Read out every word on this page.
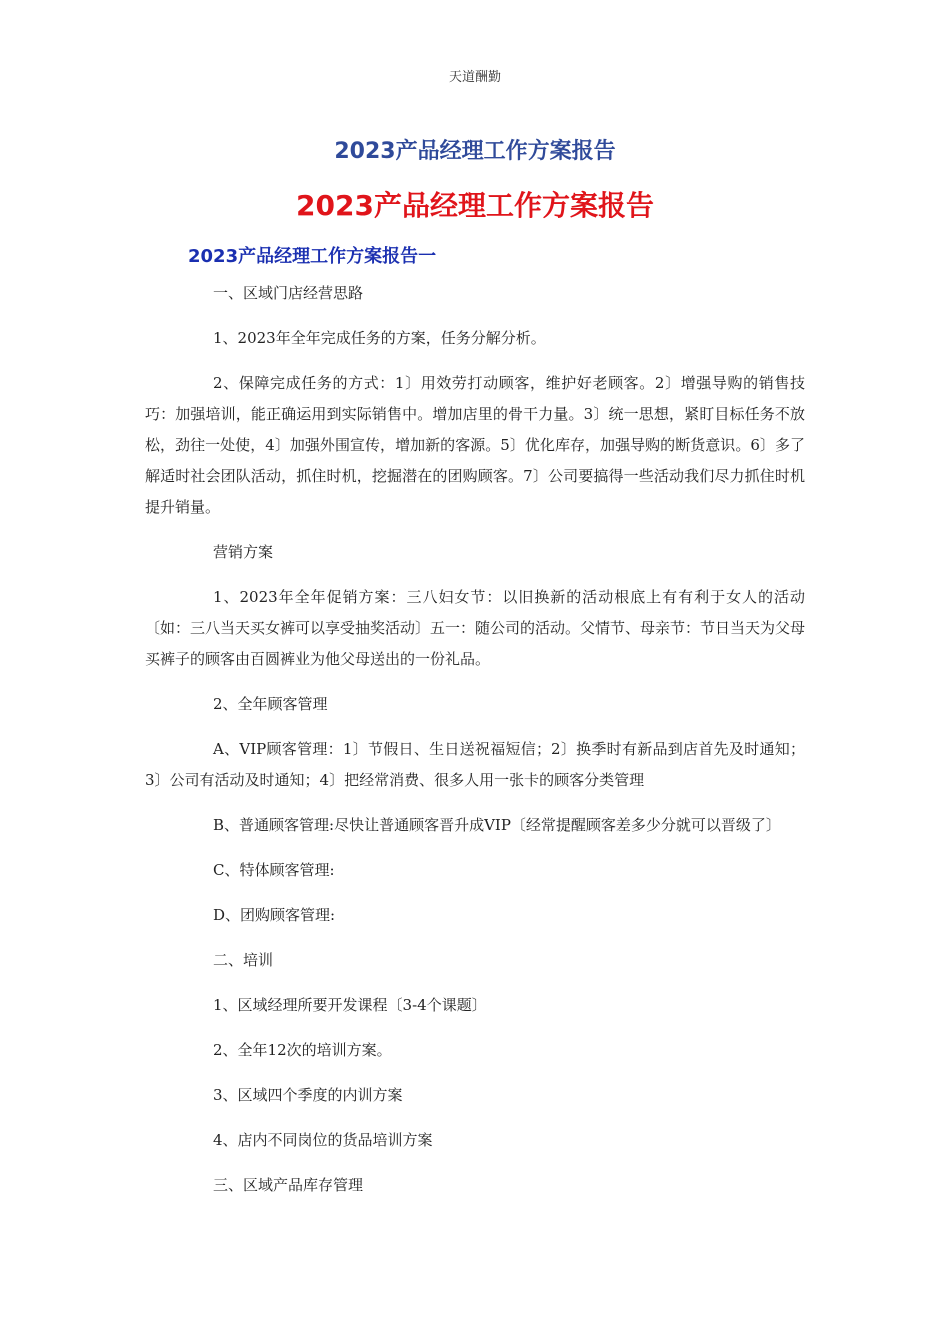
天道酬勤
2023产品经理工作方案报告
2023产品经理工作方案报告
2023产品经理工作方案报告一

一、区域门店经营思路

1、2023年全年完成任务的方案，任务分解分析。

2、保障完成任务的方式：1〕用效劳打动顾客，维护好老顾客。2〕增强导购的销售技巧：加强培训，能正确运用到实际销售中。增加店里的骨干力量。3〕统一思想，紧盯目标任务不放松，劲往一处使，4〕加强外围宣传，增加新的客源。5〕优化库存，加强导购的断货意识。6〕多了解适时社会团队活动，抓住时机，挖掘潜在的团购顾客。7〕公司要搞得一些活动我们尽力抓住时机提升销量。

营销方案

1、2023年全年促销方案：三八妇女节：以旧换新的活动根底上有有利于女人的活动〔如：三八当天买女裤可以享受抽奖活动〕五一：随公司的活动。父情节、母亲节：节日当天为父母买裤子的顾客由百圆裤业为他父母送出的一份礼品。

2、全年顾客管理

A、VIP顾客管理：1〕节假日、生日送祝福短信；2〕换季时有新品到店首先及时通知；3〕公司有活动及时通知；4〕把经常消费、很多人用一张卡的顾客分类管理

B、普通顾客管理:尽快让普通顾客晋升成VIP〔经常提醒顾客差多少分就可以晋级了〕

C、特体顾客管理:

D、团购顾客管理:

二、培训

1、区域经理所要开发课程〔3-4个课题〕

2、全年12次的培训方案。

3、区域四个季度的内训方案

4、店内不同岗位的货品培训方案

三、区域产品库存管理
